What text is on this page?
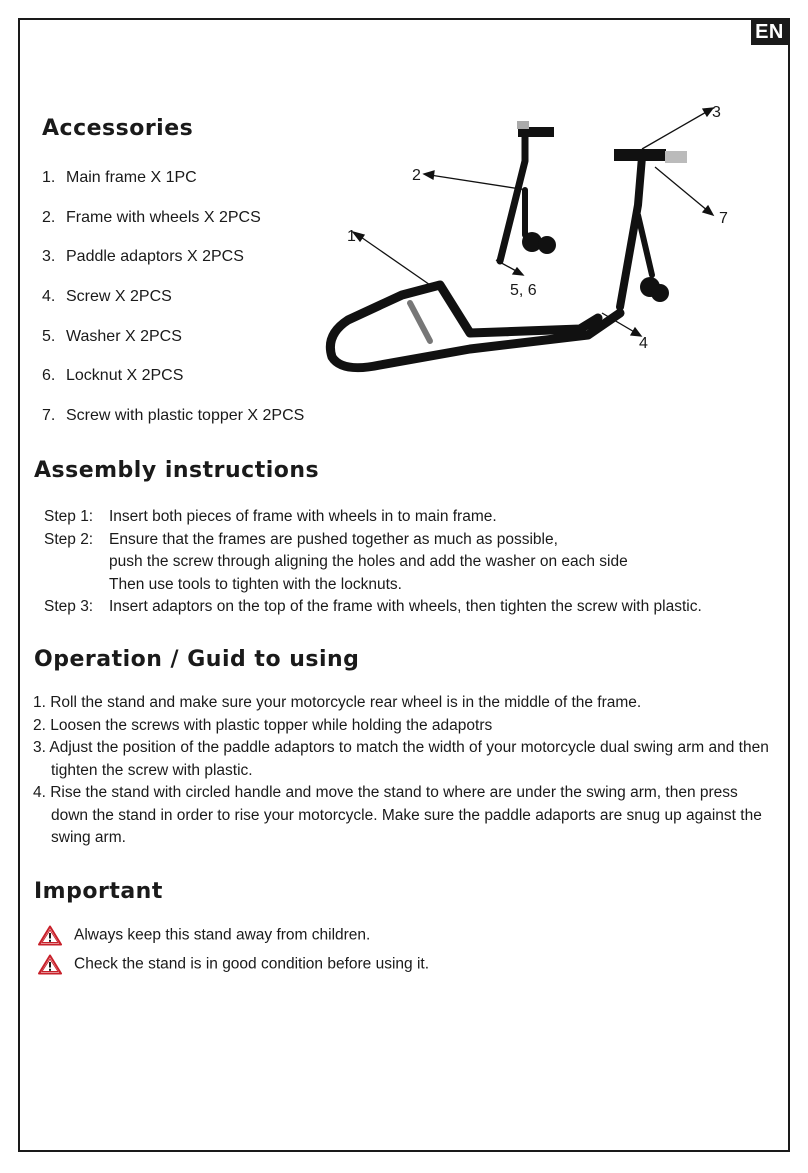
EN
Accessories
1. Main frame X 1PC
2. Frame with wheels X 2PCS
3. Paddle adaptors X 2PCS
4. Screw X 2PCS
5. Washer X 2PCS
6. Locknut X 2PCS
7. Screw with plastic topper X 2PCS
1
2
3
4
5, 6
7
Assembly instructions
Step 1: Insert both pieces of frame with wheels in to main frame.
Step 2: Ensure that the frames are pushed together as much as possible,
push the screw through aligning the holes and add the washer on each side
Then use tools to tighten with the locknuts.
Step 3: Insert adaptors on the top of the frame with wheels, then tighten the screw with plastic.
Operation / Guid to using
1. Roll the stand and make sure your motorcycle rear wheel is in the middle of the frame.
2. Loosen the screws with plastic topper while holding the adapotrs
3. Adjust the position of the paddle adaptors to match the width of your motorcycle dual swing arm and then tighten the screw with plastic.
4. Rise the stand with circled handle and move the stand to where are under the swing arm, then press down the stand in order to rise your motorcycle. Make sure the paddle adaports are snug up against the swing arm.
Important
Always keep this stand away from children.
Check the stand is in good condition before using it.
